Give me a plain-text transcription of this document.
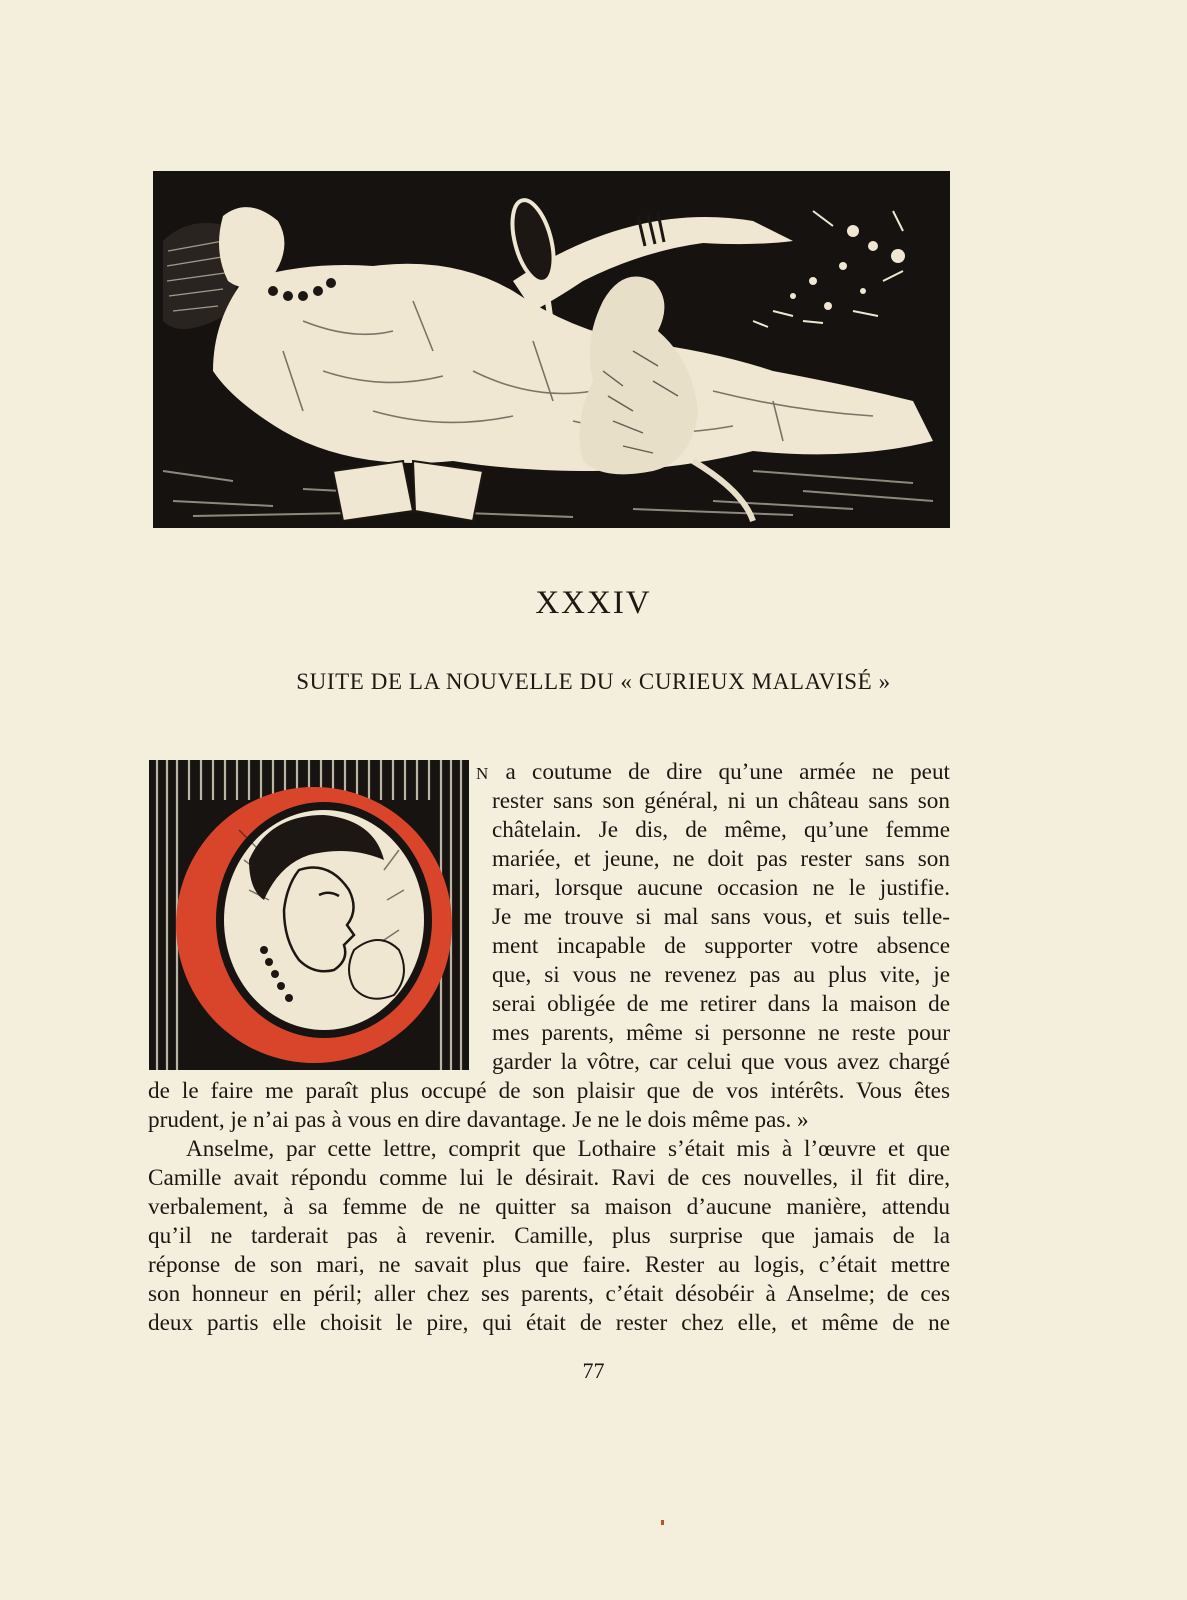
XXXIV
SUITE DE LA NOUVELLE DU « CURIEUX MALAVISÉ »
N a coutume de dire qu’une armée ne peut
rester sans son général, ni un château sans son
châtelain. Je dis, de même, qu’une femme
mariée, et jeune, ne doit pas rester sans son
mari, lorsque aucune occasion ne le justifie.
Je me trouve si mal sans vous, et suis telle-
ment incapable de supporter votre absence
que, si vous ne revenez pas au plus vite, je
serai obligée de me retirer dans la maison de
mes parents, même si personne ne reste pour
garder la vôtre, car celui que vous avez chargé
de le faire me paraît plus occupé de son plaisir que de vos intérêts. Vous êtes
prudent, je n’ai pas à vous en dire davantage. Je ne le dois même pas. »
Anselme, par cette lettre, comprit que Lothaire s’était mis à l’œuvre et que
Camille avait répondu comme lui le désirait. Ravi de ces nouvelles, il fit dire,
verbalement, à sa femme de ne quitter sa maison d’aucune manière, attendu
qu’il ne tarderait pas à revenir. Camille, plus surprise que jamais de la
réponse de son mari, ne savait plus que faire. Rester au logis, c’était mettre
son honneur en péril; aller chez ses parents, c’était désobéir à Anselme; de ces
deux partis elle choisit le pire, qui était de rester chez elle, et même de ne
77
